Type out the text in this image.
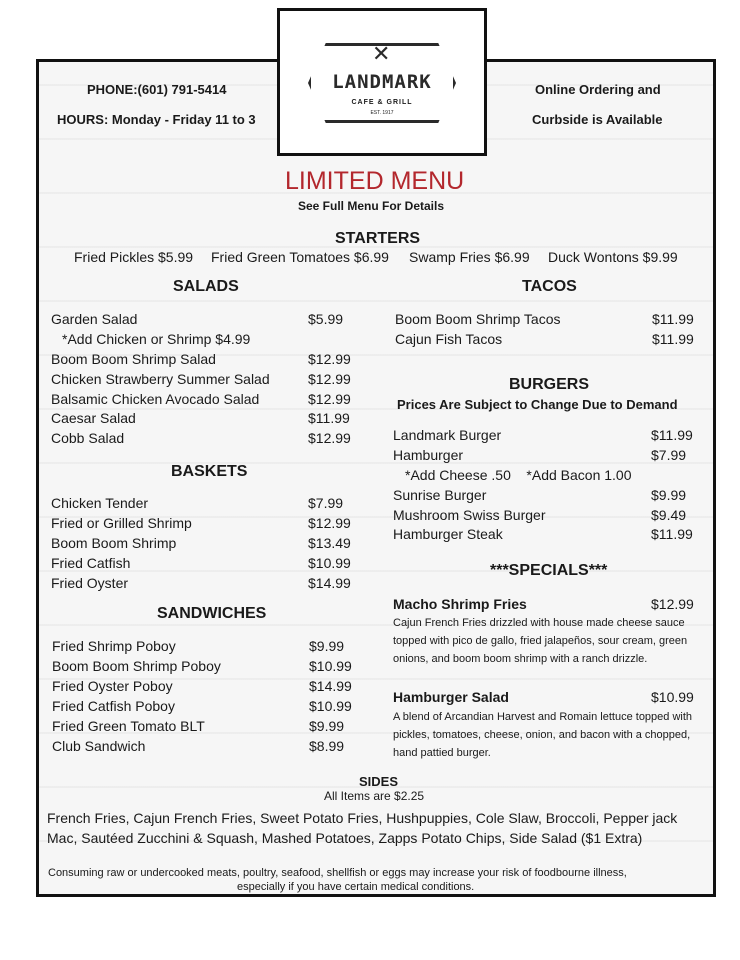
✕
LANDMARK
CAFE & GRILL
EST. 1917
PHONE:(601) 791-5414
HOURS: Monday - Friday 11 to 3
Online Ordering and
Curbside is Available
LIMITED MENU
See Full Menu For Details
STARTERS
Fried Pickles $5.99 Fried Green Tomatoes $6.99 Swamp Fries $6.99 Duck Wontons $9.99
SALADS
Garden Salad	$5.99
*Add Chicken or Shrimp $4.99
Boom Boom Shrimp Salad	$12.99
Chicken Strawberry Summer Salad	$12.99
Balsamic Chicken Avocado Salad	$12.99
Caesar Salad	$11.99
Cobb Salad	$12.99
BASKETS
Chicken Tender	$7.99
Fried or Grilled Shrimp	$12.99
Boom Boom Shrimp	$13.49
Fried Catfish	$10.99
Fried Oyster	$14.99
SANDWICHES
Fried Shrimp Poboy	$9.99
Boom Boom Shrimp Poboy	$10.99
Fried Oyster Poboy	$14.99
Fried Catfish Poboy	$10.99
Fried Green Tomato BLT	$9.99
Club Sandwich	$8.99
TACOS
Boom Boom Shrimp Tacos	$11.99
Cajun Fish Tacos	$11.99
BURGERS
Prices Are Subject to Change Due to Demand
Landmark Burger	$11.99
Hamburger	$7.99
*Add Cheese .50    *Add Bacon 1.00
Sunrise Burger	$9.99
Mushroom Swiss Burger	$9.49
Hamburger Steak	$11.99
***SPECIALS***
Macho Shrimp Fries	$12.99
Cajun French Fries drizzled with house made cheese sauce topped with pico de gallo, fried jalapeños, sour cream, green onions, and boom boom shrimp with a ranch drizzle.
Hamburger Salad	$10.99
A blend of Arcandian Harvest and Romain lettuce topped with pickles, tomatoes, cheese, onion, and bacon with a chopped, hand pattied burger.
SIDES
All Items are $2.25
French Fries, Cajun French Fries, Sweet Potato Fries, Hushpuppies, Cole Slaw, Broccoli, Pepper jack
Mac, Sautéed Zucchini & Squash, Mashed Potatoes, Zapps Potato Chips, Side Salad ($1 Extra)
Consuming raw or undercooked meats, poultry, seafood, shellfish or eggs may increase your risk of foodbourne illness,
especially if you have certain medical conditions.
